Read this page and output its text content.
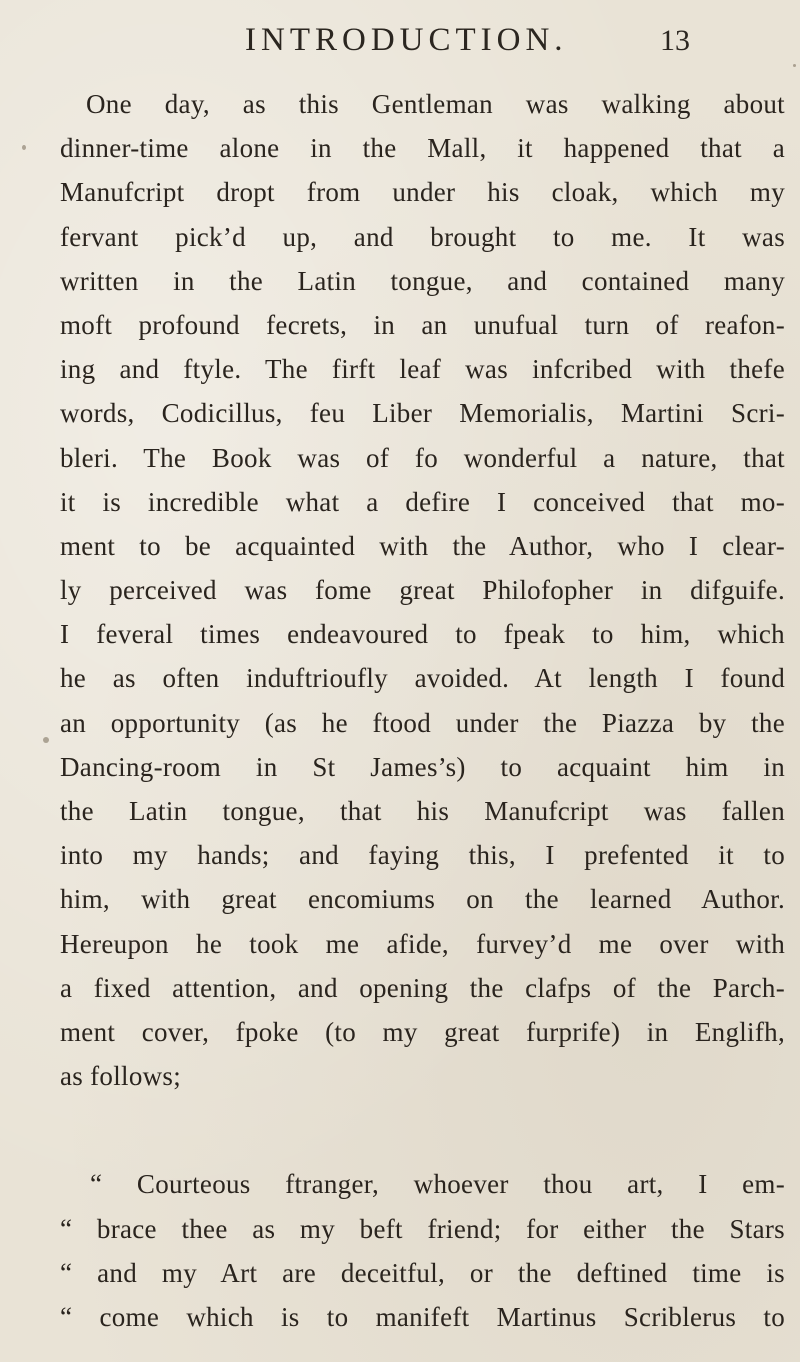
INTRODUCTION.	13
One day, as this Gentleman was walking about
dinner-time alone in the Mall, it happened that a
Manufcript dropt from under his cloak, which my
fervant pick’d up, and brought to me. It was
written in the Latin tongue, and contained many
moft profound fecrets, in an unufual turn of reafon-
ing and ftyle. The firft leaf was infcribed with thefe
words, Codicillus, feu Liber Memorialis, Martini Scri-
bleri. The Book was of fo wonderful a nature, that
it is incredible what a defire I conceived that mo-
ment to be acquainted with the Author, who I clear-
ly perceived was fome great Philofopher in difguife.
I feveral times endeavoured to fpeak to him, which
he as often induftrioufly avoided. At length I found
an opportunity (as he ftood under the Piazza by the
Dancing-room in St James’s) to acquaint him in
the Latin tongue, that his Manufcript was fallen
into my hands; and faying this, I prefented it to
him, with great encomiums on the learned Author.
Hereupon he took me afide, furvey’d me over with
a fixed attention, and opening the clafps of the Parch-
ment cover, fpoke (to my great furprife) in Englifh,
as follows;
“ Courteous ftranger, whoever thou art, I em-
“ brace thee as my beft friend; for either the Stars
“ and my Art are deceitful, or the deftined time is
“ come which is to manifeft Martinus Scriblerus to
